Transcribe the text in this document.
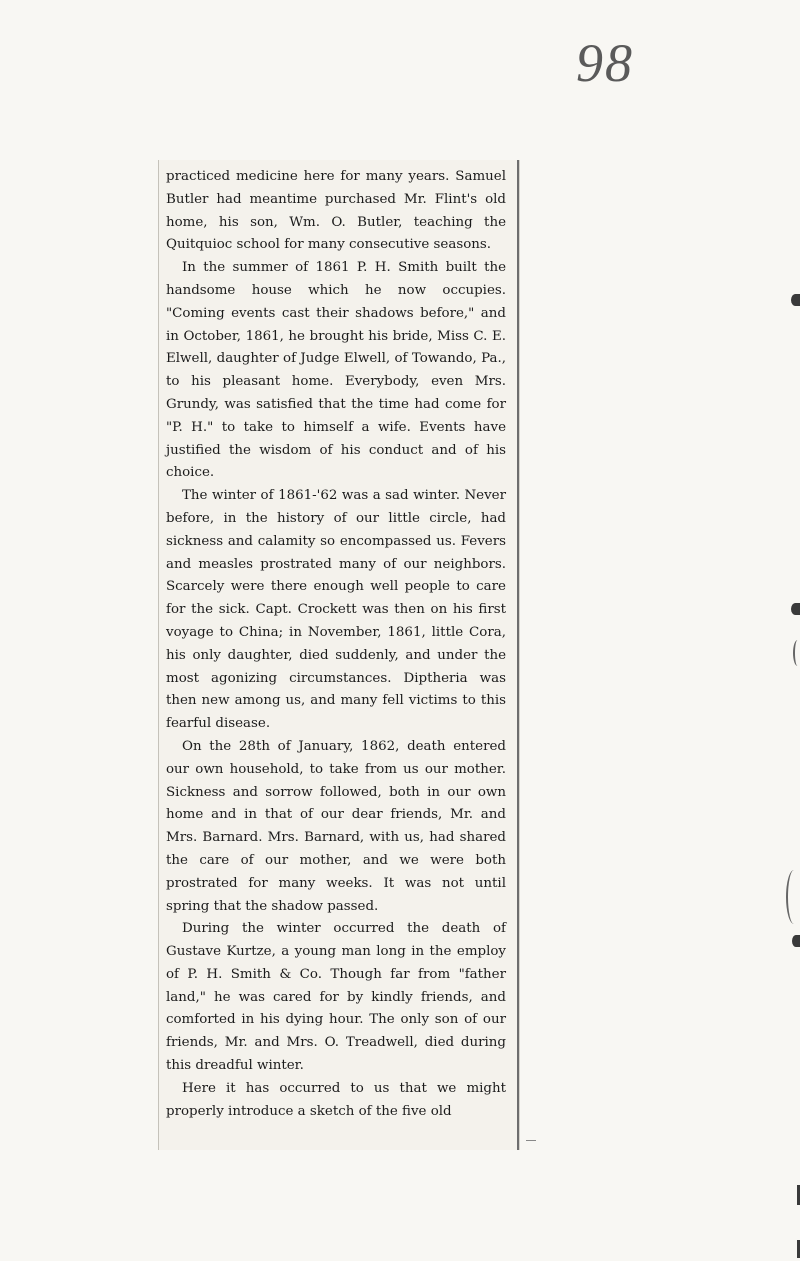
98

practiced medicine here for many years. Samuel Butler had meantime purchased Mr. Flint's old home, his son, Wm. O. Butler, teaching the Quitquioc school for many consecutive seasons.

In the summer of 1861 P. H. Smith built the handsome house which he now occupies. "Coming events cast their shadows before," and in October, 1861, he brought his bride, Miss C. E. Elwell, daughter of Judge Elwell, of Towando, Pa., to his pleasant home. Everybody, even Mrs. Grundy, was satisfied that the time had come for "P. H." to take to himself a wife. Events have justified the wisdom of his conduct and of his choice.

The winter of 1861-'62 was a sad winter. Never before, in the history of our little circle, had sickness and calamity so encompassed us. Fevers and measles prostrated many of our neighbors. Scarcely were there enough well people to care for the sick. Capt. Crockett was then on his first voyage to China; in November, 1861, little Cora, his only daughter, died suddenly, and under the most agonizing circumstances. Diptheria was then new among us, and many fell victims to this fearful disease.

On the 28th of January, 1862, death entered our own household, to take from us our mother. Sickness and sorrow followed, both in our own home and in that of our dear friends, Mr. and Mrs. Barnard. Mrs. Barnard, with us, had shared the care of our mother, and we were both prostrated for many weeks. It was not until spring that the shadow passed.

During the winter occurred the death of Gustave Kurtze, a young man long in the employ of P. H. Smith & Co. Though far from "father land," he was cared for by kindly friends, and comforted in his dying hour. The only son of our friends, Mr. and Mrs. O. Treadwell, died during this dreadful winter.

Here it has occurred to us that we might properly introduce a sketch of the five old
